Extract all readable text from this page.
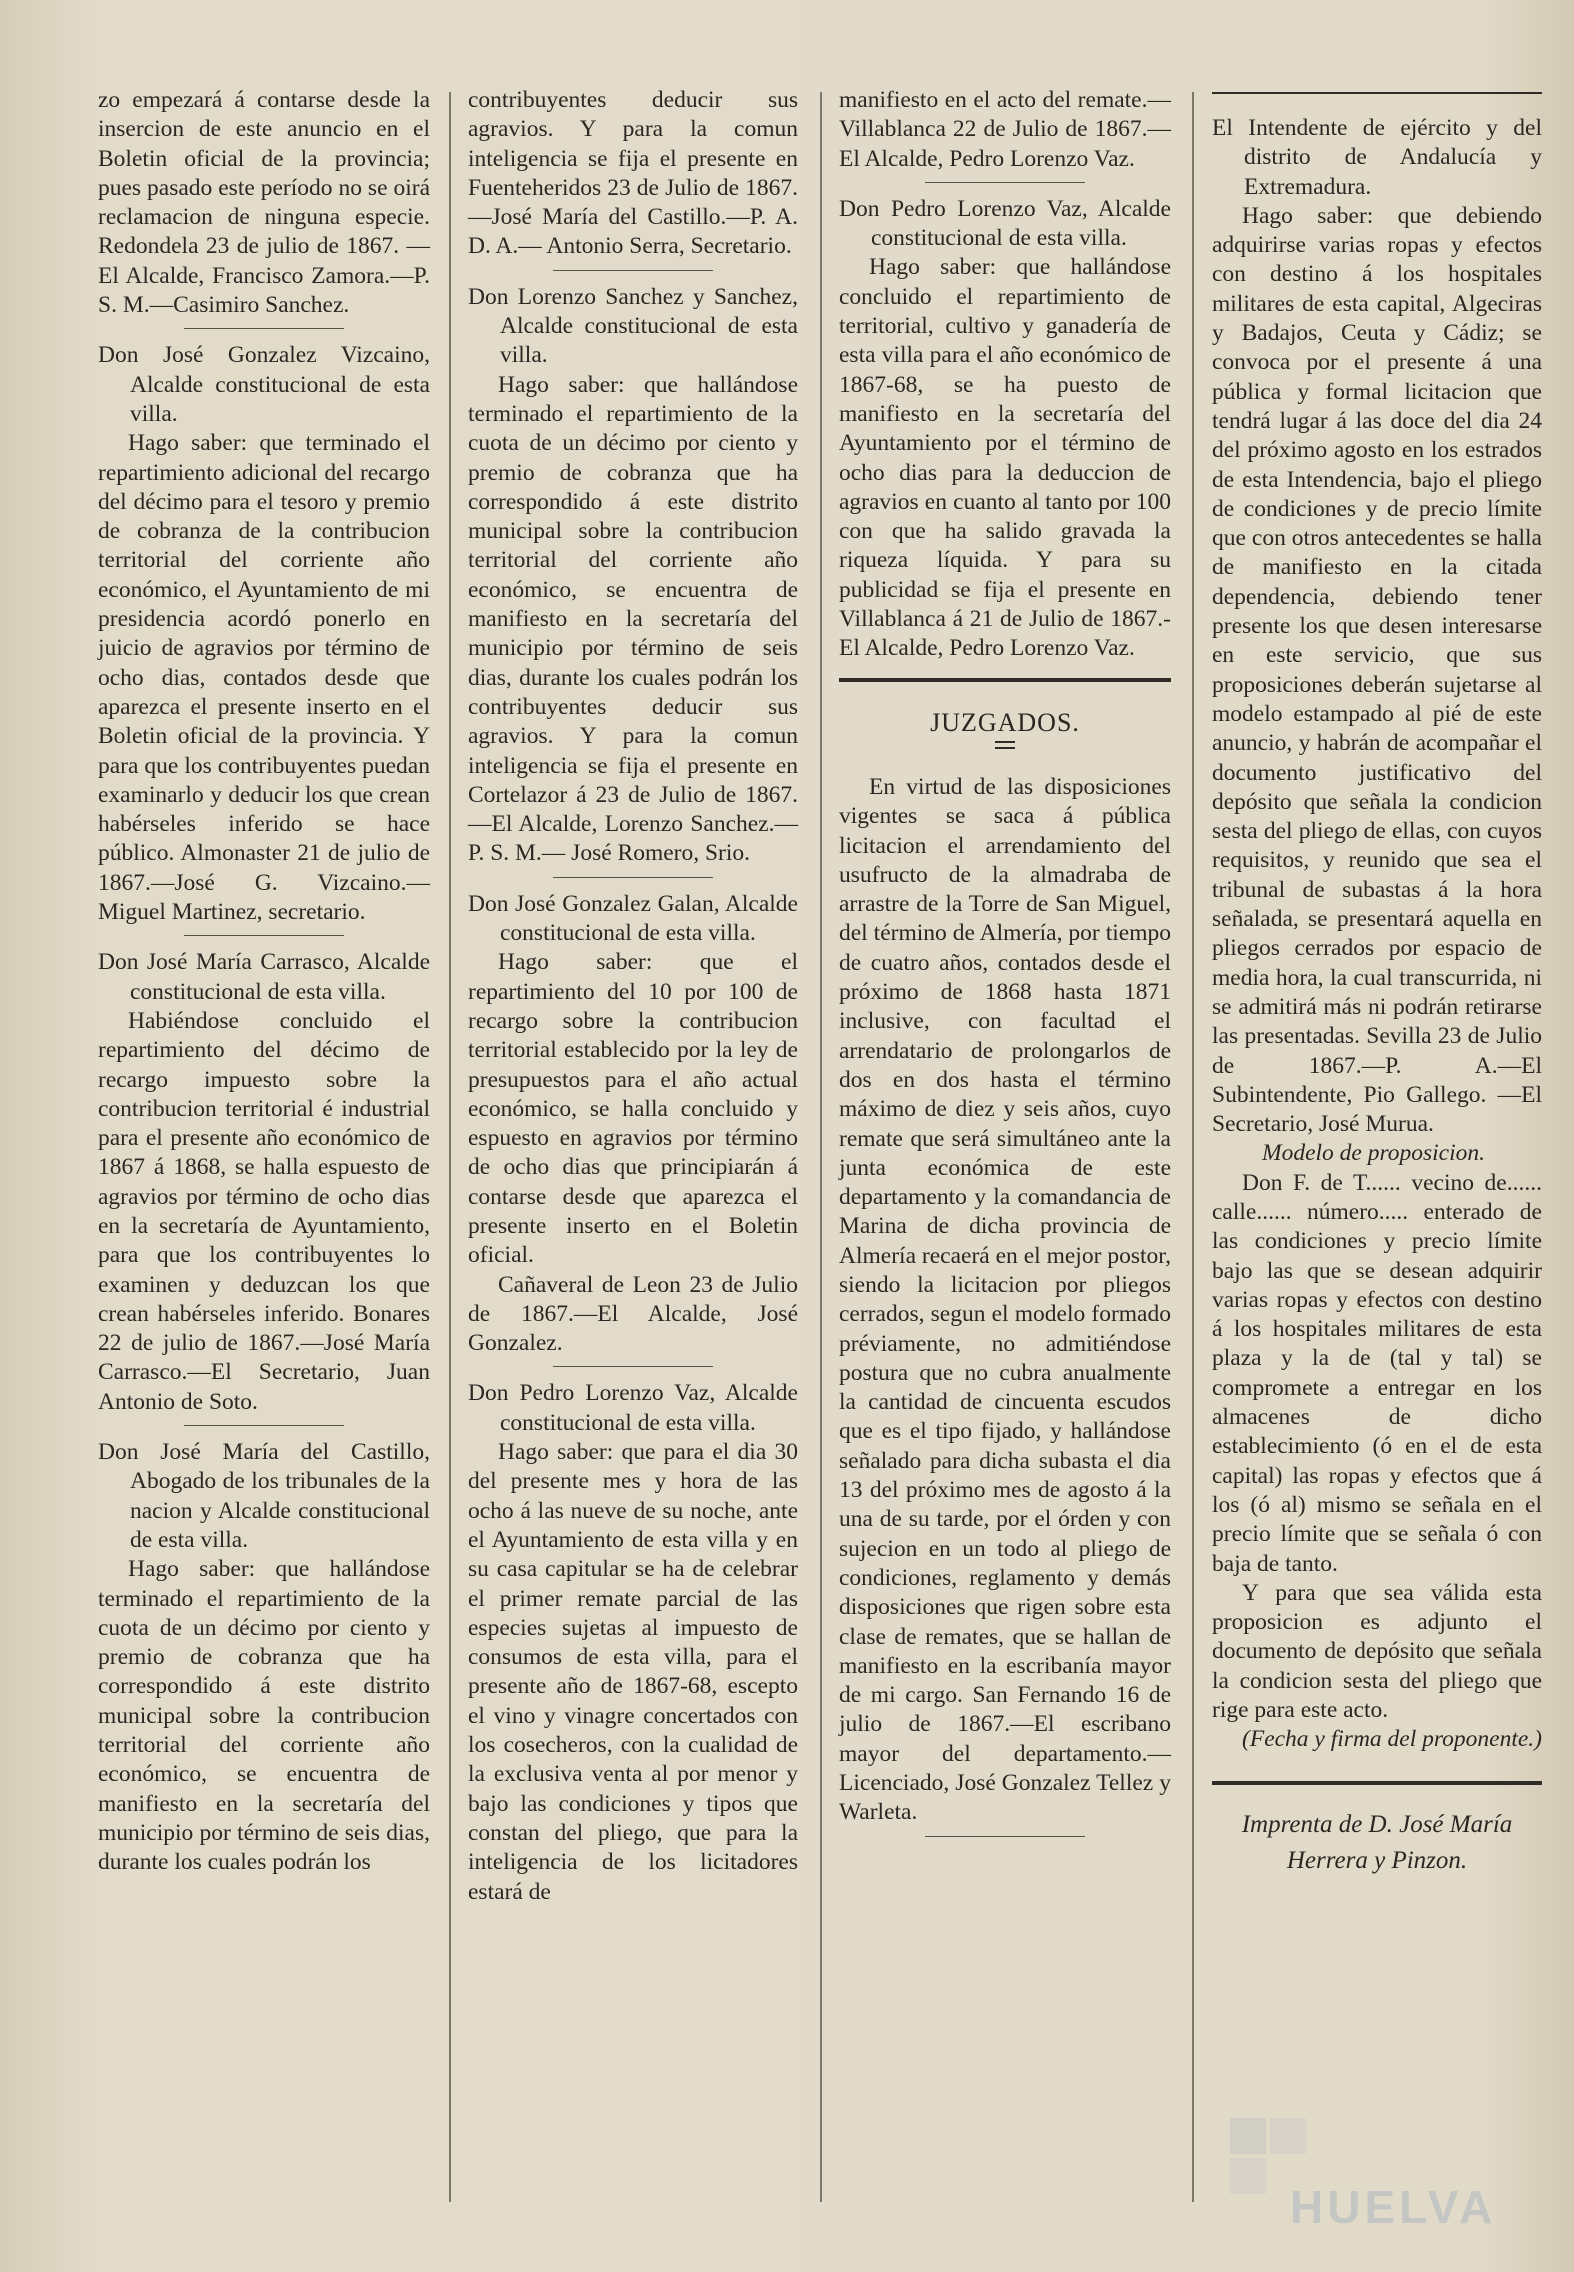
zo empezará á contarse desde la insercion de este anuncio en el Boletin oficial de la provincia; pues pasado este período no se oirá reclamacion de ninguna especie. Redondela 23 de julio de 1867. —El Alcalde, Francisco Zamora.—P. S. M.—Casimiro Sanchez.

Don José Gonzalez Vizcaino, Alcalde constitucional de esta villa.

Hago saber: que terminado el repartimiento adicional del recargo del décimo para el tesoro y premio de cobranza de la contribucion territorial del corriente año económico, el Ayuntamiento de mi presidencia acordó ponerlo en juicio de agravios por término de ocho dias, contados desde que aparezca el presente inserto en el Boletin oficial de la provincia. Y para que los contribuyentes puedan examinarlo y deducir los que crean habérseles inferido se hace público. Almonaster 21 de julio de 1867.—José G. Vizcaino.— Miguel Martinez, secretario.

Don José María Carrasco, Alcalde constitucional de esta villa.

Habiéndose concluido el repartimiento del décimo de recargo impuesto sobre la contribucion territorial é industrial para el presente año económico de 1867 á 1868, se halla espuesto de agravios por término de ocho dias en la secretaría de Ayuntamiento, para que los contribuyentes lo examinen y deduzcan los que crean habérseles inferido. Bonares 22 de julio de 1867.—José María Carrasco.—El Secretario, Juan Antonio de Soto.

Don José María del Castillo, Abogado de los tribunales de la nacion y Alcalde constitucional de esta villa.

Hago saber: que hallándose terminado el repartimiento de la cuota de un décimo por ciento y premio de cobranza que ha correspondido á este distrito municipal sobre la contribucion territorial del corriente año económico, se encuentra de manifiesto en la secretaría del municipio por término de seis dias, durante los cuales podrán los

contribuyentes deducir sus agravios. Y para la comun inteligencia se fija el presente en Fuenteheridos 23 de Julio de 1867.—José María del Castillo.—P. A. D. A.— Antonio Serra, Secretario.

Don Lorenzo Sanchez y Sanchez, Alcalde constitucional de esta villa.

Hago saber: que hallándose terminado el repartimiento de la cuota de un décimo por ciento y premio de cobranza que ha correspondido á este distrito municipal sobre la contribucion territorial del corriente año económico, se encuentra de manifiesto en la secretaría del municipio por término de seis dias, durante los cuales podrán los contribuyentes deducir sus agravios. Y para la comun inteligencia se fija el presente en Cortelazor á 23 de Julio de 1867.—El Alcalde, Lorenzo Sanchez.—P. S. M.— José Romero, Srio.

Don José Gonzalez Galan, Alcalde constitucional de esta villa.

Hago saber: que el repartimiento del 10 por 100 de recargo sobre la contribucion territorial establecido por la ley de presupuestos para el año actual económico, se halla concluido y espuesto en agravios por término de ocho dias que principiarán á contarse desde que aparezca el presente inserto en el Boletin oficial.

Cañaveral de Leon 23 de Julio de 1867.—El Alcalde, José Gonzalez.

Don Pedro Lorenzo Vaz, Alcalde constitucional de esta villa.

Hago saber: que para el dia 30 del presente mes y hora de las ocho á las nueve de su noche, ante el Ayuntamiento de esta villa y en su casa capitular se ha de celebrar el primer remate parcial de las especies sujetas al impuesto de consumos de esta villa, para el presente año de 1867-68, escepto el vino y vinagre concertados con los cosecheros, con la cualidad de la exclusiva venta al por menor y bajo las condiciones y tipos que constan del pliego, que para la inteligencia de los licitadores estará de

manifiesto en el acto del remate.—Villablanca 22 de Julio de 1867.—El Alcalde, Pedro Lorenzo Vaz.

Don Pedro Lorenzo Vaz, Alcalde constitucional de esta villa.

Hago saber: que hallándose concluido el repartimiento de territorial, cultivo y ganadería de esta villa para el año económico de 1867-68, se ha puesto de manifiesto en la secretaría del Ayuntamiento por el término de ocho dias para la deduccion de agravios en cuanto al tanto por 100 con que ha salido gravada la riqueza líquida. Y para su publicidad se fija el presente en Villablanca á 21 de Julio de 1867.-El Alcalde, Pedro Lorenzo Vaz.

JUZGADOS.

En virtud de las disposiciones vigentes se saca á pública licitacion el arrendamiento del usufructo de la almadraba de arrastre de la Torre de San Miguel, del término de Almería, por tiempo de cuatro años, contados desde el próximo de 1868 hasta 1871 inclusive, con facultad el arrendatario de prolongarlos de dos en dos hasta el término máximo de diez y seis años, cuyo remate que será simultáneo ante la junta económica de este departamento y la comandancia de Marina de dicha provincia de Almería recaerá en el mejor postor, siendo la licitacion por pliegos cerrados, segun el modelo formado préviamente, no admitiéndose postura que no cubra anualmente la cantidad de cincuenta escudos que es el tipo fijado, y hallándose señalado para dicha subasta el dia 13 del próximo mes de agosto á la una de su tarde, por el órden y con sujecion en un todo al pliego de condiciones, reglamento y demás disposiciones que rigen sobre esta clase de remates, que se hallan de manifiesto en la escribanía mayor de mi cargo. San Fernando 16 de julio de 1867.—El escribano mayor del departamento.—Licenciado, José Gonzalez Tellez y Warleta.

El Intendente de ejército y del distrito de Andalucía y Extremadura.

Hago saber: que debiendo adquirirse varias ropas y efectos con destino á los hospitales militares de esta capital, Algeciras y Badajos, Ceuta y Cádiz; se convoca por el presente á una pública y formal licitacion que tendrá lugar á las doce del dia 24 del próximo agosto en los estrados de esta Intendencia, bajo el pliego de condiciones y de precio límite que con otros antecedentes se halla de manifiesto en la citada dependencia, debiendo tener presente los que desen interesarse en este servicio, que sus proposiciones deberán sujetarse al modelo estampado al pié de este anuncio, y habrán de acompañar el documento justificativo del depósito que señala la condicion sesta del pliego de ellas, con cuyos requisitos, y reunido que sea el tribunal de subastas á la hora señalada, se presentará aquella en pliegos cerrados por espacio de media hora, la cual transcurrida, ni se admitirá más ni podrán retirarse las presentadas. Sevilla 23 de Julio de 1867.—P. A.—El Subintendente, Pio Gallego. —El Secretario, José Murua.

Modelo de proposicion.

Don F. de T...... vecino de...... calle...... número..... enterado de las condiciones y precio límite bajo las que se desean adquirir varias ropas y efectos con destino á los hospitales militares de esta plaza y la de (tal y tal) se compromete a entregar en los almacenes de dicho establecimiento (ó en el de esta capital) las ropas y efectos que á los (ó al) mismo se señala en el precio límite que se señala ó con baja de tanto.

Y para que sea válida esta proposicion es adjunto el documento de depósito que señala la condicion sesta del pliego que rige para este acto.

(Fecha y firma del proponente.)

Imprenta de D. José María
Herrera y Pinzon.
HUELVA
